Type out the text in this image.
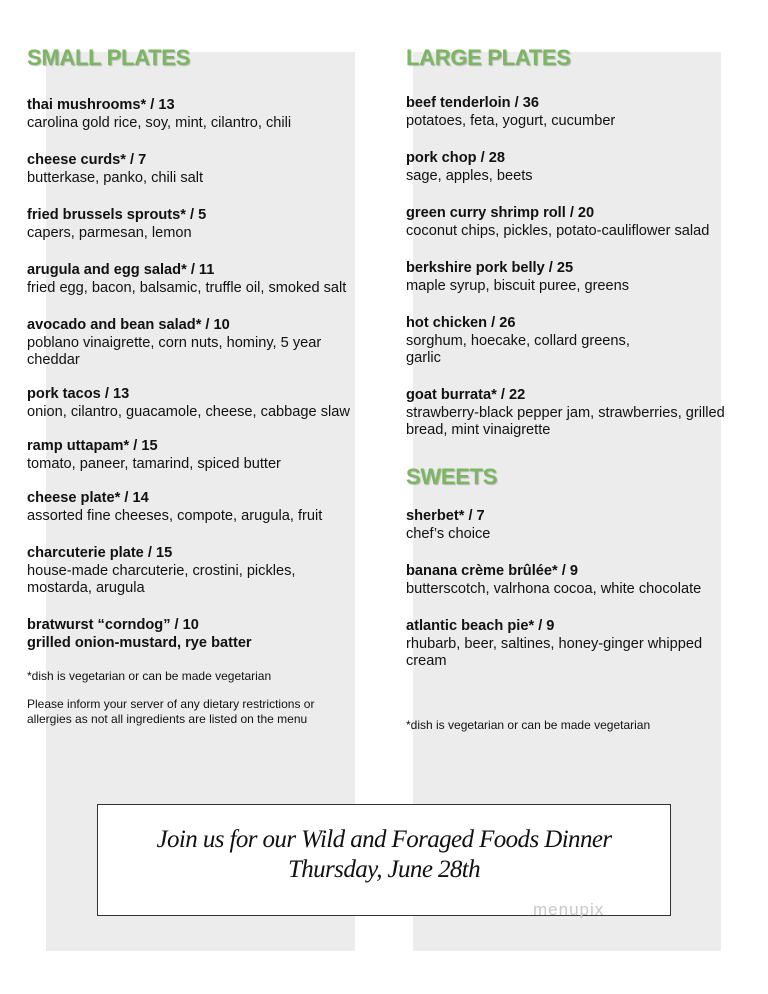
SMALL PLATES
thai mushrooms* / 13
carolina gold rice, soy, mint, cilantro, chili
cheese curds* / 7
butterkase, panko, chili salt
fried brussels sprouts* / 5
capers, parmesan, lemon
arugula and egg salad* / 11
fried egg, bacon, balsamic, truffle oil, smoked salt
avocado and bean salad* / 10
poblano vinaigrette, corn nuts, hominy, 5 year cheddar
pork tacos / 13
onion, cilantro, guacamole, cheese, cabbage slaw
ramp uttapam* / 15
tomato, paneer, tamarind, spiced butter
cheese plate* / 14
assorted fine cheeses, compote, arugula, fruit
charcuterie plate / 15
house-made charcuterie, crostini, pickles, mostarda, arugula
bratwurst “corndog” / 10
grilled onion-mustard, rye batter
*dish is vegetarian or can be made vegetarian
Please inform your server of any dietary restrictions or allergies as not all ingredients are listed on the menu
LARGE PLATES
beef tenderloin / 36
potatoes, feta, yogurt, cucumber
pork chop / 28
sage, apples, beets
green curry shrimp roll / 20
coconut chips, pickles, potato-cauliflower salad
berkshire pork belly / 25
maple syrup, biscuit puree, greens
hot chicken / 26
sorghum, hoecake, collard greens, garlic
goat burrata* / 22
strawberry-black pepper jam, strawberries, grilled bread, mint vinaigrette
SWEETS
sherbet* / 7
chef’s choice
banana crème brûlée* / 9
butterscotch, valrhona cocoa, white chocolate
atlantic beach pie* / 9
rhubarb, beer, saltines, honey-ginger whipped cream
*dish is vegetarian or can be made vegetarian
Join us for our Wild and Foraged Foods Dinner
Thursday, June 28th
menupix
